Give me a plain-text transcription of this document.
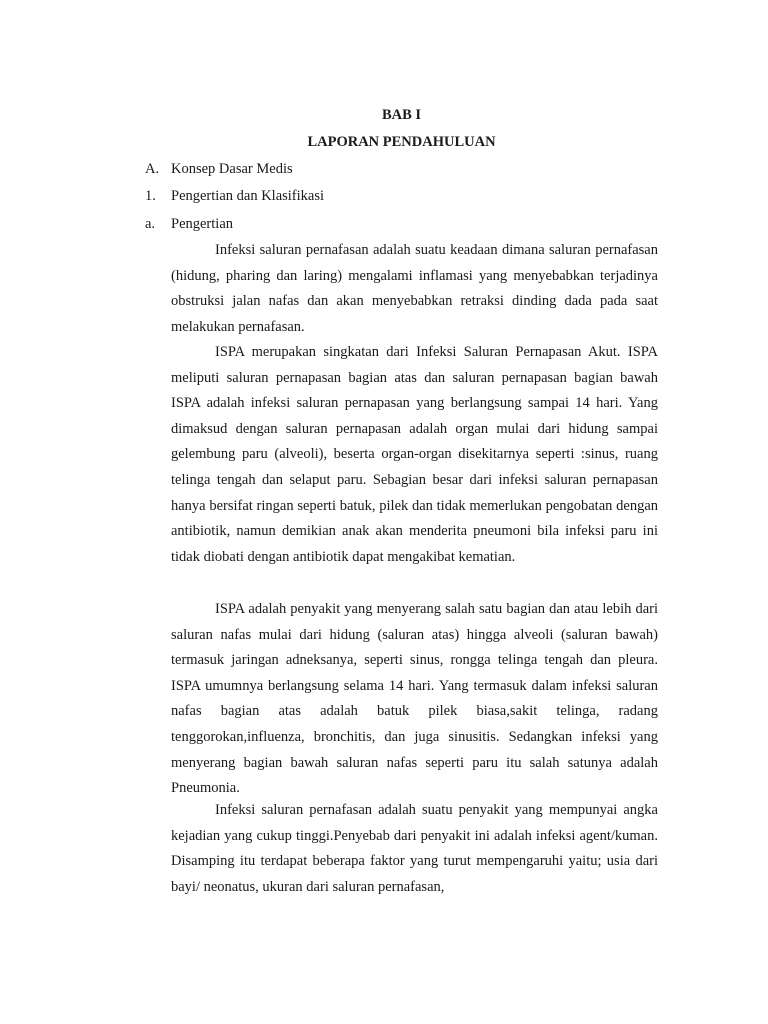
BAB I
LAPORAN PENDAHULUAN
A. Konsep Dasar Medis
1. Pengertian dan Klasifikasi
a. Pengertian

Infeksi saluran pernafasan adalah suatu keadaan dimana saluran pernafasan (hidung, pharing dan laring) mengalami inflamasi yang menyebabkan terjadinya obstruksi jalan nafas dan akan menyebabkan retraksi dinding dada pada saat melakukan pernafasan.

ISPA merupakan singkatan dari Infeksi Saluran Pernapasan Akut. ISPA meliputi saluran pernapasan bagian atas dan saluran pernapasan bagian bawah ISPA adalah infeksi saluran pernapasan yang berlangsung sampai 14 hari. Yang dimaksud dengan saluran pernapasan adalah organ mulai dari hidung sampai gelembung paru (alveoli), beserta organ-organ disekitarnya seperti :sinus, ruang telinga tengah dan selaput paru. Sebagian besar dari infeksi saluran pernapasan hanya bersifat ringan seperti batuk, pilek dan tidak memerlukan pengobatan dengan antibiotik, namun demikian anak akan menderita pneumoni bila infeksi paru ini tidak diobati dengan antibiotik dapat mengakibat kematian.

ISPA adalah penyakit yang menyerang salah satu bagian dan atau lebih dari saluran nafas mulai dari hidung (saluran atas) hingga alveoli (saluran bawah) termasuk jaringan adneksanya, seperti sinus, rongga telinga tengah dan pleura. ISPA umumnya berlangsung selama 14 hari. Yang termasuk dalam infeksi saluran nafas bagian atas adalah batuk pilek biasa,sakit telinga, radang tenggorokan,influenza, bronchitis, dan juga sinusitis. Sedangkan infeksi yang menyerang bagian bawah saluran nafas seperti paru itu salah satunya adalah Pneumonia.

Infeksi saluran pernafasan adalah suatu penyakit yang mempunyai angka kejadian yang cukup tinggi.Penyebab dari penyakit ini adalah infeksi agent/kuman. Disamping itu terdapat beberapa faktor yang turut mempengaruhi yaitu; usia dari bayi/ neonatus, ukuran dari saluran pernafasan,
